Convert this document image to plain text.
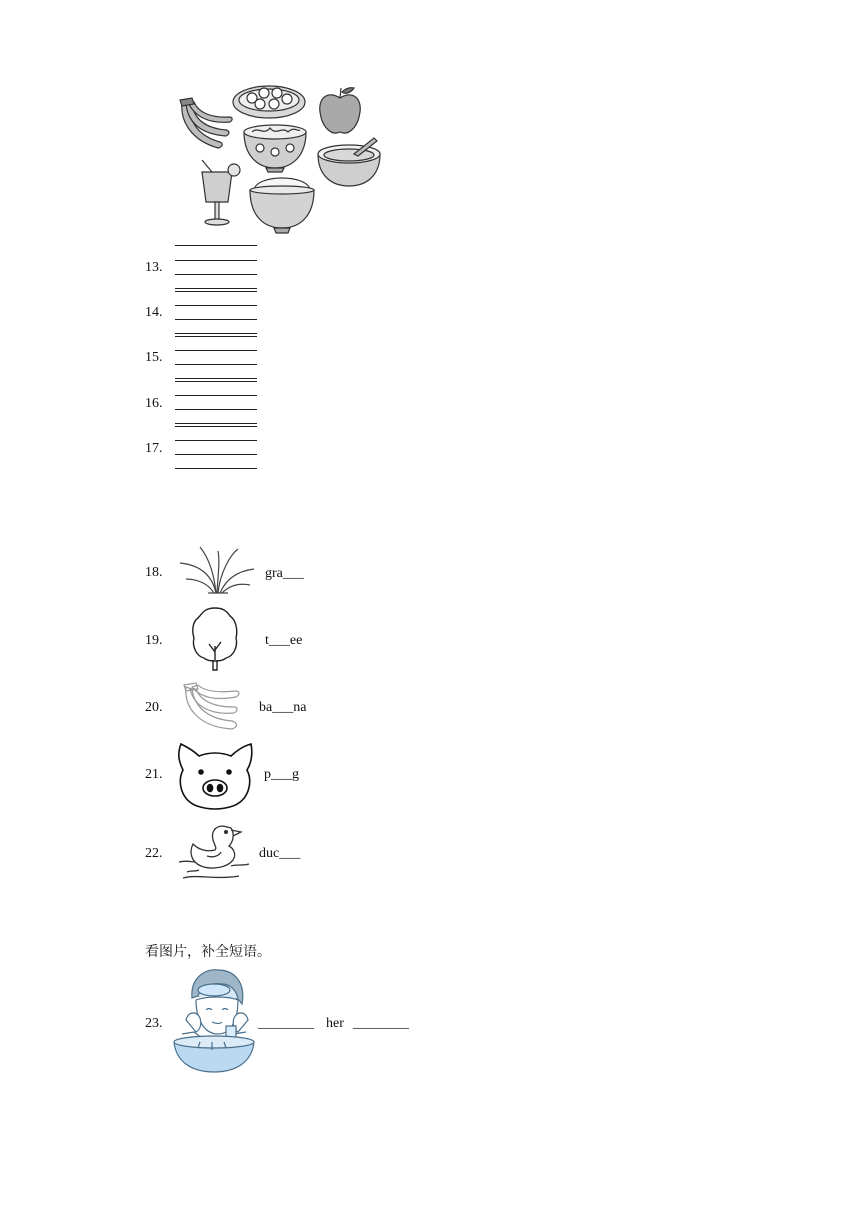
13.
14.
15.
16.
17.
18.	gra___
19.	t___ee
20.	ba___na
21.	p___g
22.	duc___
看图片，补全短语。
23.	________ her ________
